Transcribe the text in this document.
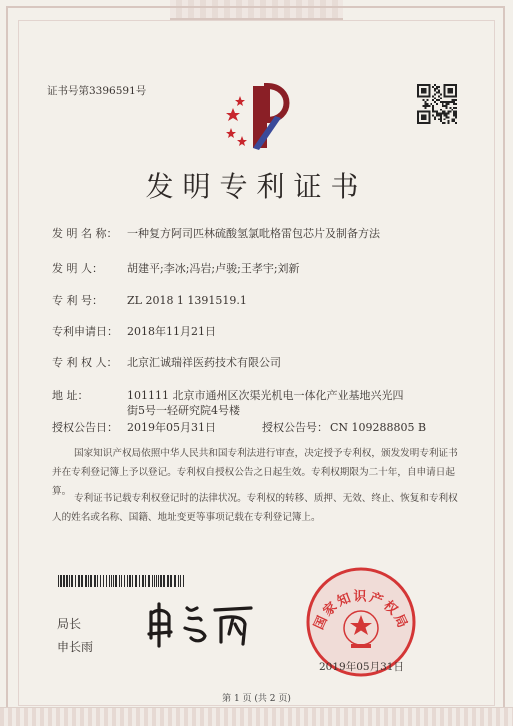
证书号第3396591号
发明专利证书
发 明 名 称： 一种复方阿司匹林硫酸氢氯吡格雷包芯片及制备方法
发 明 人： 胡建平;李冰;冯岩;卢骏;王孝宇;刘新
专 利 号： ZL 2018 1 1391519.1
专利申请日： 2018年11月21日
专 利 权 人： 北京汇诚瑞祥医药技术有限公司
地 址：	101111 北京市通州区次渠光机电一体化产业基地兴光四
街5号一轻研究院4号楼
授权公告日： 2019年05月31日	授权公告号： CN 109288805 B
国家知识产权局依照中华人民共和国专利法进行审查，决定授予专利权，颁发发明专利证书并在专利登记簿上予以登记。专利权自授权公告之日起生效。专利权期限为二十年，自申请日起算。
专利证书记载专利权登记时的法律状况。专利权的转移、质押、无效、终止、恢复和专利权人的姓名或名称、国籍、地址变更等事项记载在专利登记簿上。
局长
申长雨
国家知识产权局
2019年05月31日
第 1 页 (共 2 页)
